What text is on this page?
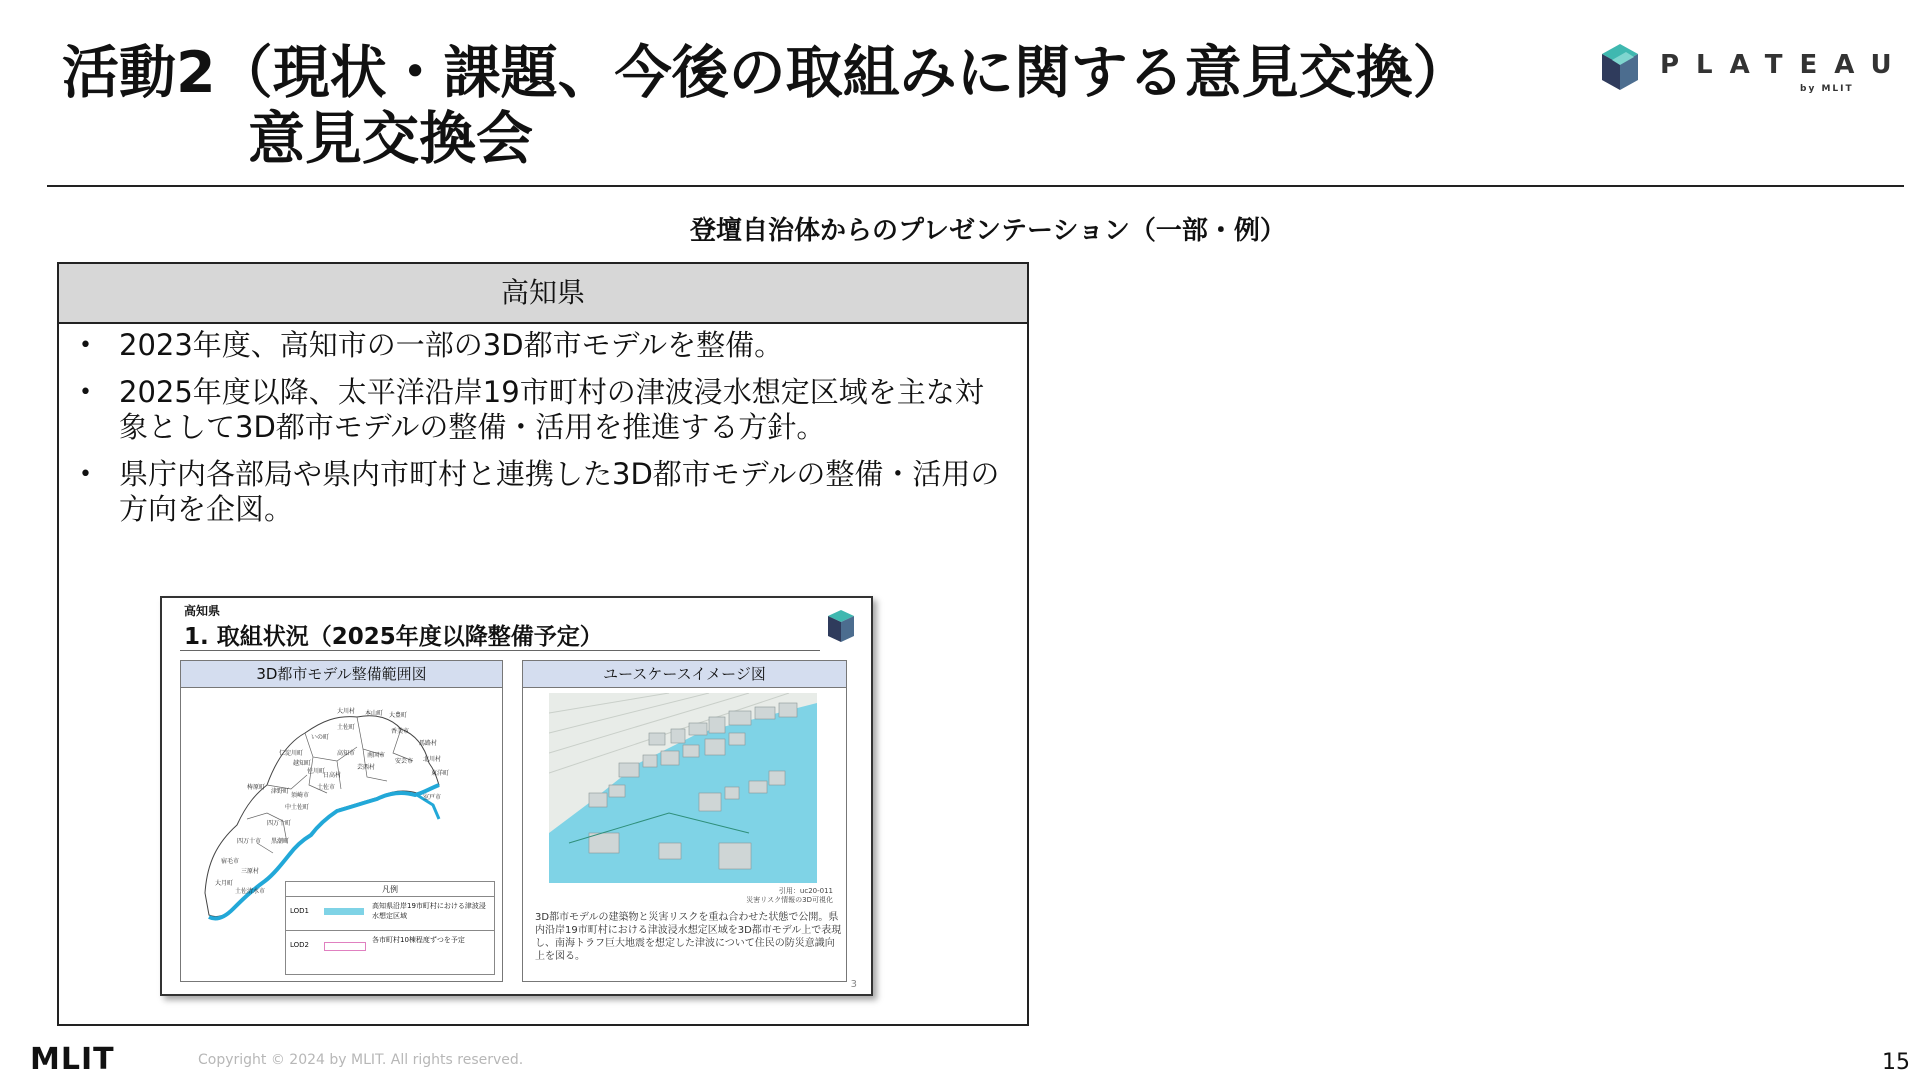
活動2（現状・課題、今後の取組みに関する意見交換）
意見交換会
PLATEAU
by MLIT
登壇自治体からのプレゼンテーション（一部・例）
高知県
• 2023年度、高知市の一部の3D都市モデルを整備。
• 2025年度以降、太平洋沿岸19市町村の津波浸水想定区域を主な対象として3D都市モデルの整備・活用を推進する方針。
• 県庁内各部局や県内市町村と連携した3D都市モデルの整備・活用の方向を企図。
高知県
1. 取組状況（2025年度以降整備予定）
3D都市モデル整備範囲図
大川村 本山町 大豊町
土佐町
いの町
香美市
馬路村
北川村
仁淀川町	高知市 南国市
安芸市
東洋町
越知町
佐川町
日高村
土佐市
芸西村
室戸市
梼原町
津野町
須崎市
中土佐町
四万十町
黒潮町
四万十市
宿毛市
三原村
大月町
土佐清水市	凡例
LOD1
高知県沿岸19市町村における津波浸水想定区域
LOD2
各市町村10棟程度ずつを予定
ユースケースイメージ図
引用：uc20-011
災害リスク情報の3D可視化
3D都市モデルの建築物と災害リスクを重ね合わせた状態で公開。県内沿岸19市町村における津波浸水想定区域を3D都市モデル上で表現し、南海トラフ巨大地震を想定した津波について住民の防災意識向上を図る。
3
MLIT	Copyright © 2024 by MLIT. All rights reserved.	15
